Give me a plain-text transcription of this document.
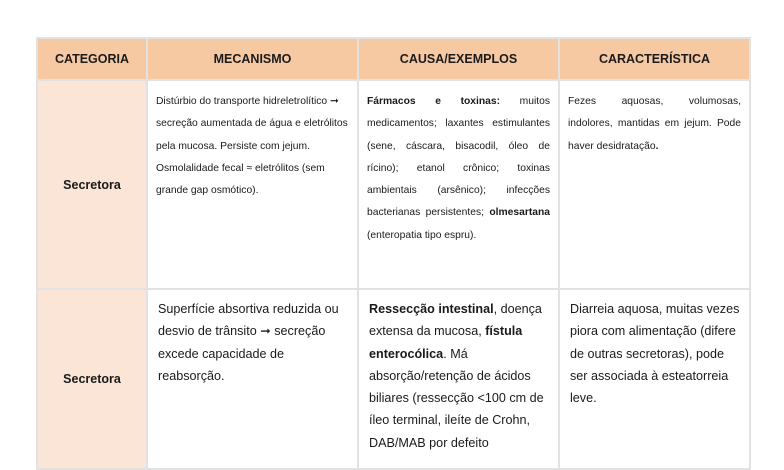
CATEGORIA	MECANISMO	CAUSA/EXEMPLOS	CARACTERÍSTICA
Secretora	Distúrbio do transporte hidreletrolítico ➞ secreção aumentada de água e eletrólitos pela mucosa. Persiste com jejum. Osmolalidade fecal ≈ eletrólitos (sem grande gap osmótico).	Fármacos e toxinas: muitos medicamentos; laxantes estimulantes (sene, cáscara, bisacodil, óleo de rícino); etanol crônico; toxinas ambientais (arsênico); infecções bacterianas persistentes; olmesartana (enteropatia tipo espru).	Fezes aquosas, volumosas, indolores, mantidas em jejum. Pode haver desidratação.
Secretora	Superfície absortiva reduzida ou desvio de trânsito ➞ secreção excede capacidade de reabsorção.	Ressecção intestinal, doença extensa da mucosa, fístula enterocólica. Má absorção/retenção de ácidos biliares (ressecção <100 cm de íleo terminal, ileíte de Crohn, DAB/MAB por defeito	Diarreia aquosa, muitas vezes piora com alimentação (difere de outras secretoras), pode ser associada à esteatorreia leve.
